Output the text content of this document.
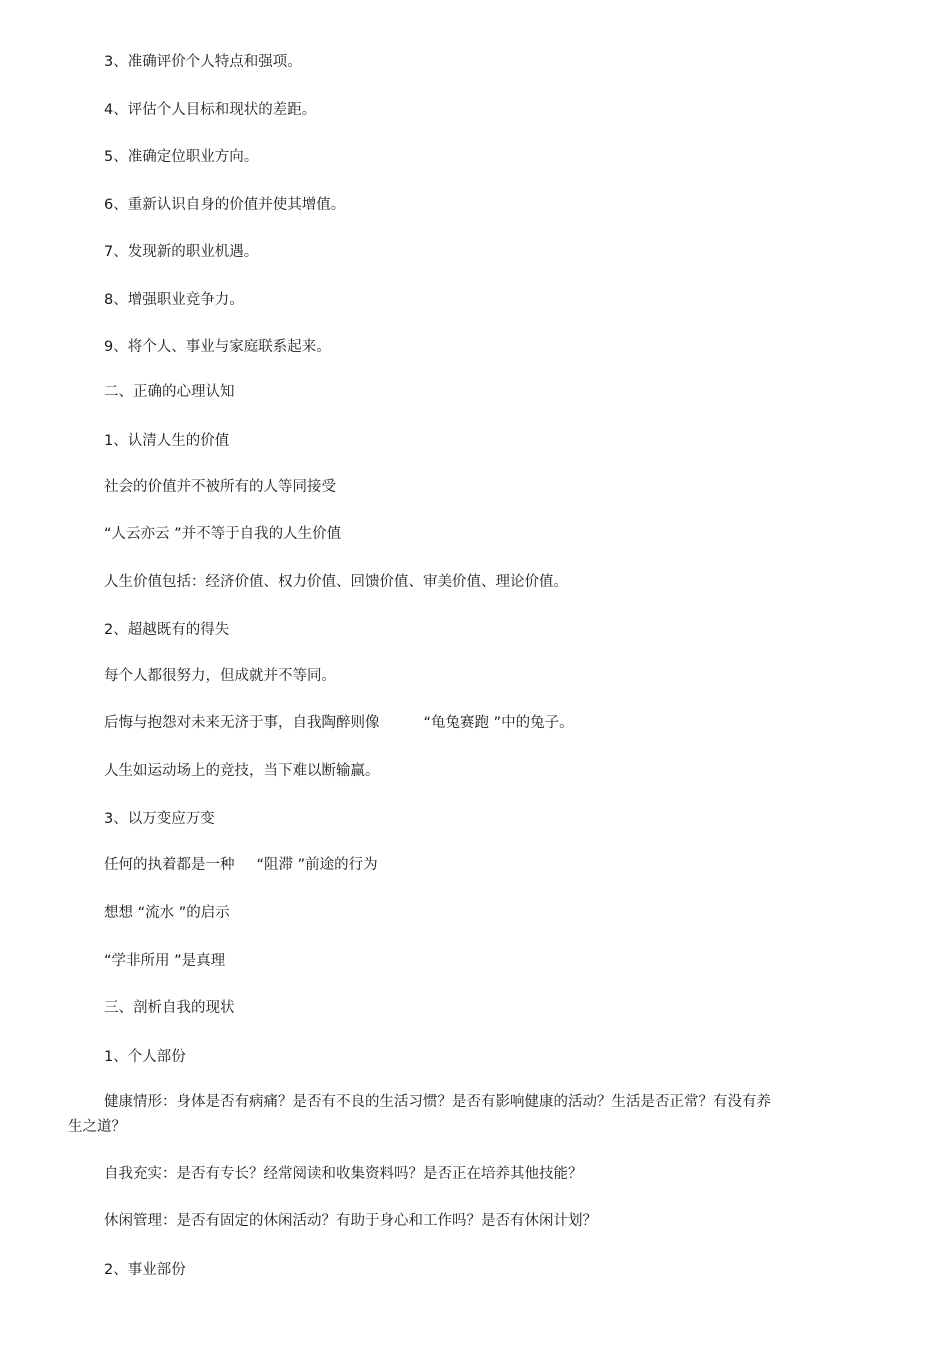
3、准确评价个人特点和强项。
4、评估个人目标和现状的差距。
5、准确定位职业方向。
6、重新认识自身的价值并使其增值。
7、发现新的职业机遇。
8、增强职业竞争力。
9、将个人、事业与家庭联系起来。
二、正确的心理认知
1、认清人生的价值
社会的价值并不被所有的人等同接受
“人云亦云 ”并不等于自我的人生价值
人生价值包括：经济价值、权力价值、回馈价值、审美价值、理论价值。
2、超越既有的得失
每个人都很努力，但成就并不等同。
后悔与抱怨对未来无济于事，自我陶醉则像	“龟兔赛跑 ”中的兔子。
人生如运动场上的竞技，当下难以断输赢。
3、以万变应万变
任何的执着都是一种 “阻滞 ”前途的行为
想想 “流水 ”的启示
“学非所用 ”是真理
三、剖析自我的现状
1、个人部份
健康情形：身体是否有病痛？是否有不良的生活习惯？是否有影响健康的活动？生活是否正常？有没有养
生之道？
自我充实：是否有专长？经常阅读和收集资料吗？是否正在培养其他技能？
休闲管理：是否有固定的休闲活动？有助于身心和工作吗？是否有休闲计划？
2、事业部份
